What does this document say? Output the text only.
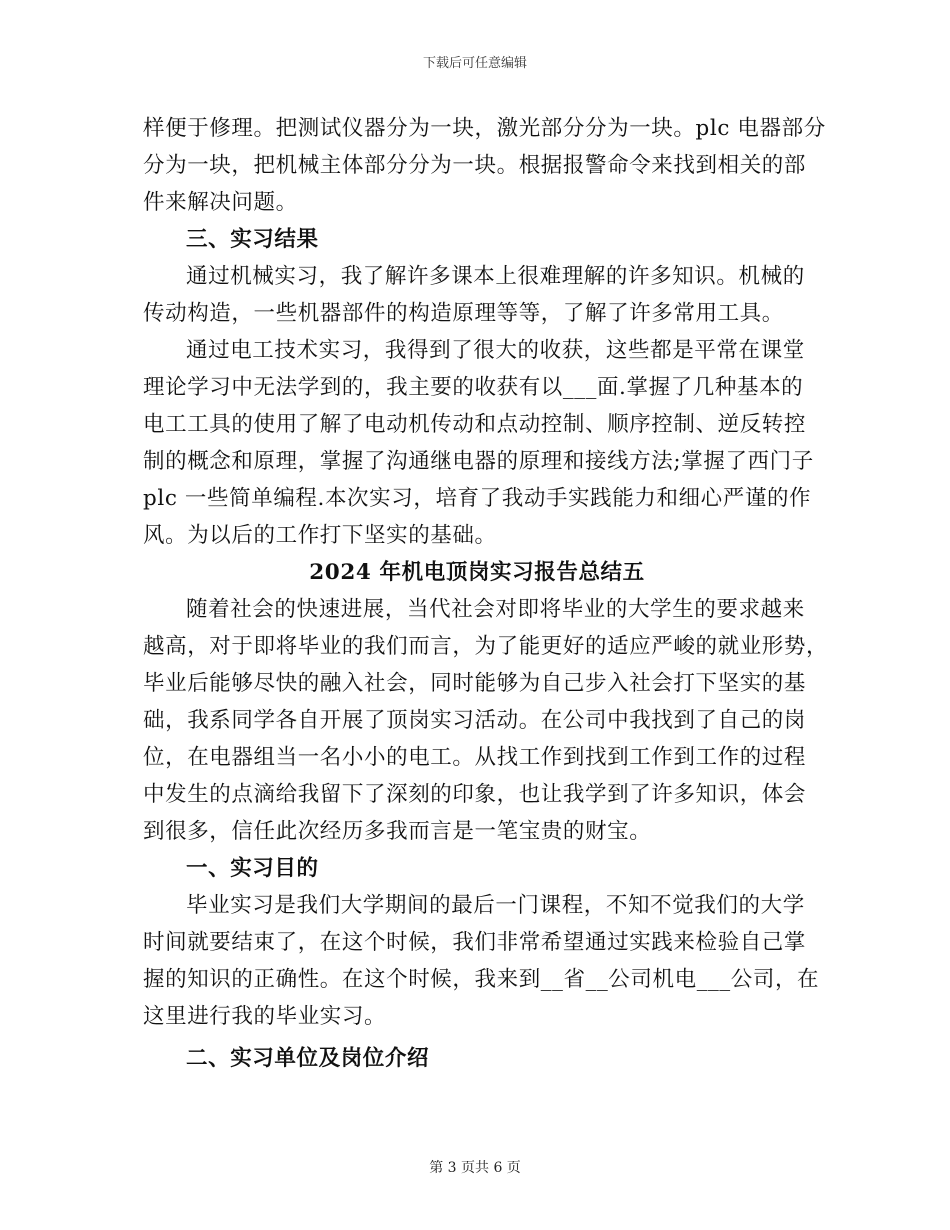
下载后可任意编辑
样便于修理。把测试仪器分为一块，激光部分分为一块。plc 电器部分
分为一块，把机械主体部分分为一块。根据报警命令来找到相关的部
件来解决问题。
三、实习结果
通过机械实习，我了解许多课本上很难理解的许多知识。机械的
传动构造，一些机器部件的构造原理等等，了解了许多常用工具。
通过电工技术实习，我得到了很大的收获，这些都是平常在课堂
理论学习中无法学到的，我主要的收获有以___面.掌握了几种基本的
电工工具的使用了解了电动机传动和点动控制、顺序控制、逆反转控
制的概念和原理，掌握了沟通继电器的原理和接线方法;掌握了西门子
plc 一些简单编程.本次实习，培育了我动手实践能力和细心严谨的作
风。为以后的工作打下坚实的基础。
2024 年机电顶岗实习报告总结五
随着社会的快速进展，当代社会对即将毕业的大学生的要求越来
越高，对于即将毕业的我们而言，为了能更好的适应严峻的就业形势，
毕业后能够尽快的融入社会，同时能够为自己步入社会打下坚实的基
础，我系同学各自开展了顶岗实习活动。在公司中我找到了自己的岗
位，在电器组当一名小小的电工。从找工作到找到工作到工作的过程
中发生的点滴给我留下了深刻的印象，也让我学到了许多知识，体会
到很多，信任此次经历多我而言是一笔宝贵的财宝。
一、实习目的
毕业实习是我们大学期间的最后一门课程，不知不觉我们的大学
时间就要结束了，在这个时候，我们非常希望通过实践来检验自己掌
握的知识的正确性。在这个时候，我来到__省__公司机电___公司，在
这里进行我的毕业实习。
二、实习单位及岗位介绍
第 3 页共 6 页
